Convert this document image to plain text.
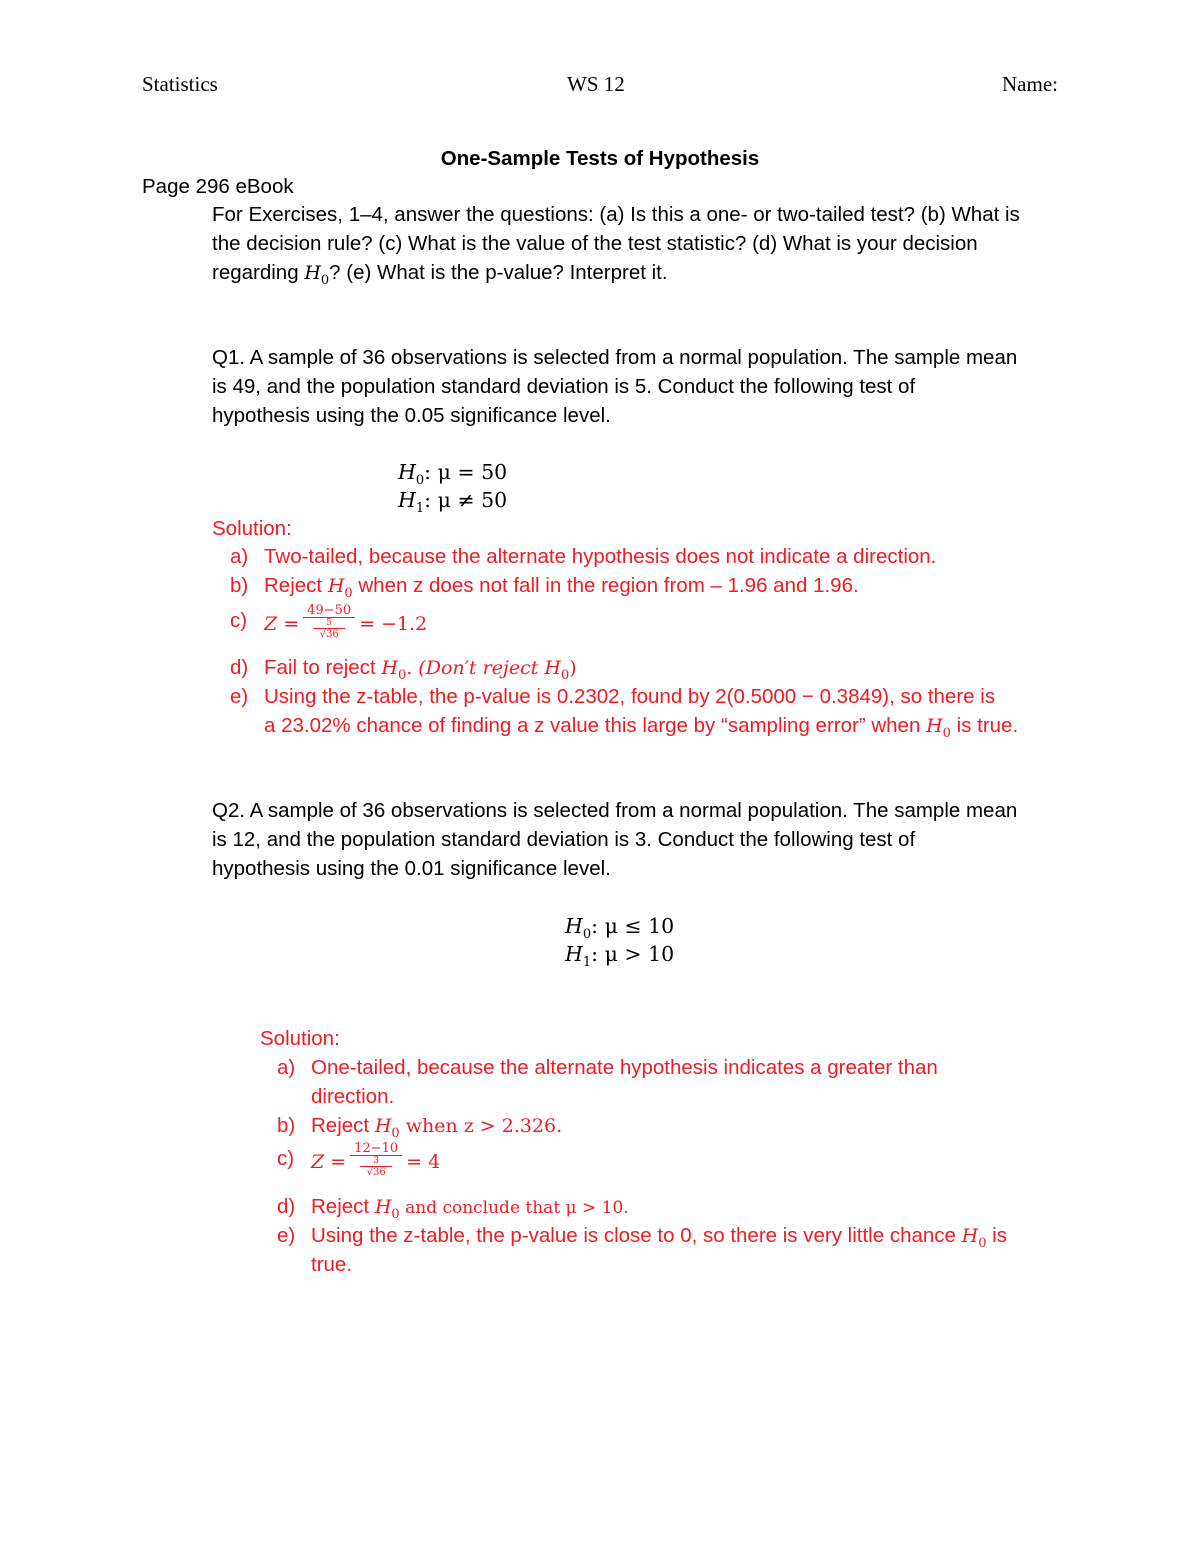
Statistics	WS 12	Name:
One-Sample Tests of Hypothesis
Page 296 eBook
For Exercises, 1–4, answer the questions: (a) Is this a one- or two-tailed test? (b) What is
the decision rule? (c) What is the value of the test statistic? (d) What is your decision
regarding $H_0$? (e) What is the p-value? Interpret it.
Q1. A sample of 36 observations is selected from a normal population. The sample mean
is 49, and the population standard deviation is 5. Conduct the following test of
hypothesis using the 0.05 significance level.
$H_0$: μ = 50
$H_1$: μ ≠ 50
Solution:
a) Two-tailed, because the alternate hypothesis does not indicate a direction.
b) Reject $H_0$ when z does not fall in the region from – 1.96 and 1.96.
c) Z = 49−50
5
√36 = −1.2
d) Fail to reject $H_0$. (Don′t reject $H_0$)
e) Using the z-table, the p-value is 0.2302, found by 2(0.5000 − 0.3849), so there is
a 23.02% chance of finding a z value this large by “sampling error” when $H_0$ is true.
Q2. A sample of 36 observations is selected from a normal population. The sample mean
is 12, and the population standard deviation is 3. Conduct the following test of
hypothesis using the 0.01 significance level.
$H_0$: μ ≤ 10
$H_1$: μ > 10
Solution:
a) One-tailed, because the alternate hypothesis indicates a greater than
direction.
b) Reject $H_0$ when z > 2.326.
c) Z = 12−10
3
√36 = 4
d) Reject $H_0$ and conclude that μ > 10.
e) Using the z-table, the p-value is close to 0, so there is very little chance $H_0$ is
true.
